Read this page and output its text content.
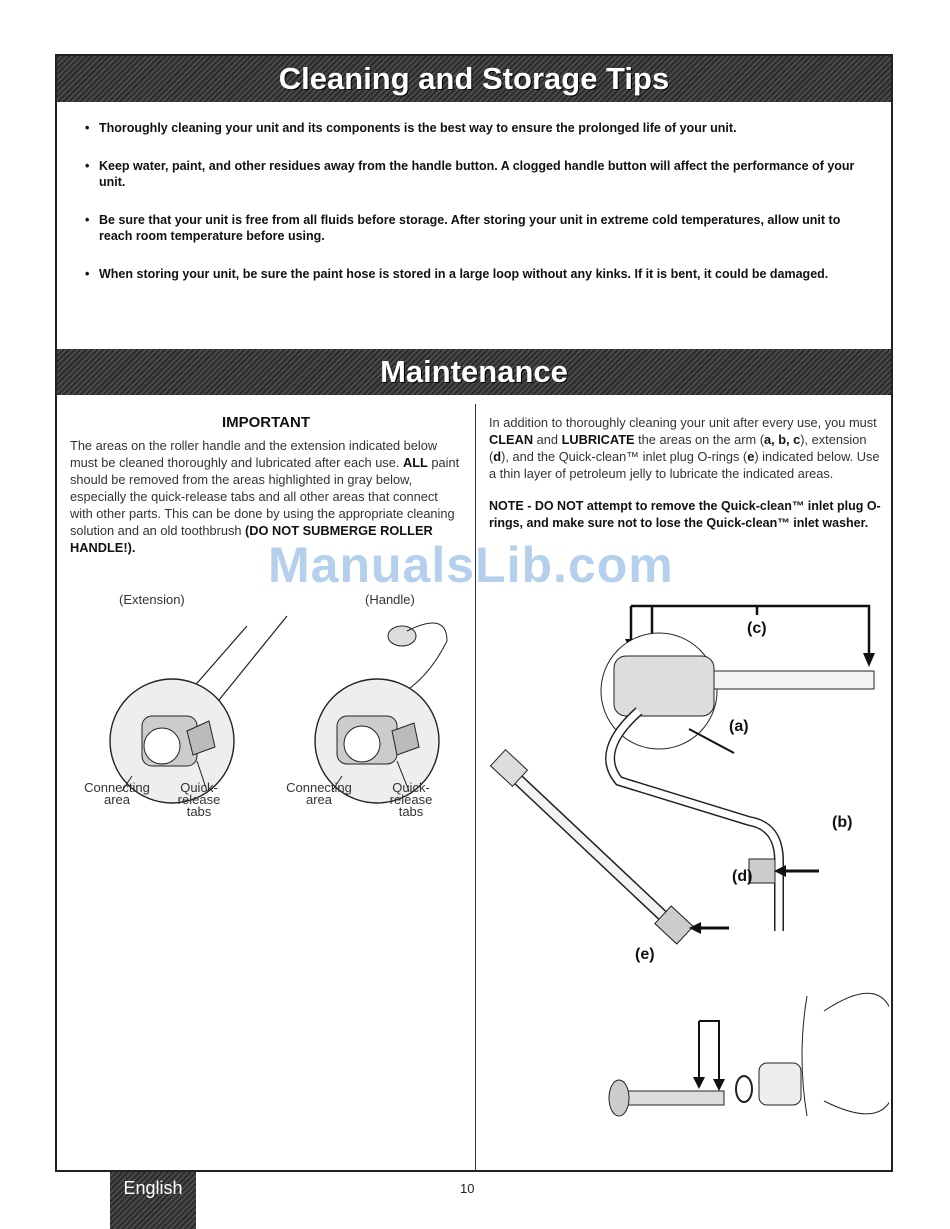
Cleaning and Storage Tips
• Thoroughly cleaning your unit and its components is the best way to ensure the prolonged life of your unit.
• Keep water, paint, and other residues away from the handle button. A clogged handle button will affect the performance of your unit.
• Be sure that your unit is free from all fluids before storage. After storing your unit in extreme cold temperatures, allow unit to reach room temperature before using.
• When storing your unit, be sure the paint hose is stored in a large loop without any kinks. If it is bent, it could be damaged.
Maintenance
IMPORTANT
The areas on the roller handle and the extension indicated below must be cleaned thoroughly and lubricated after each use. ALL paint should be removed from the areas highlighted in gray below, especially the quick-release tabs and all other areas that connect with other parts. This can be done by using the appropriate cleaning solution and an old toothbrush (DO NOT SUBMERGE ROLLER HANDLE!).
In addition to thoroughly cleaning your unit after every use, you must CLEAN and LUBRICATE the areas on the arm (a, b, c), extension (d), and the Quick-clean™ inlet plug O-rings (e) indicated below. Use a thin layer of petroleum jelly to lubricate the indicated areas.
NOTE - DO NOT attempt to remove the Quick-clean™ inlet plug O-rings, and make sure not to lose the Quick-clean™ inlet washer.
(Extension)	(Handle)
Connecting area
Quick- release tabs
Connecting area
Quick- release tabs
(c)
(a)
(b)
(d)
(e)
ManualsLib.com
English	10
